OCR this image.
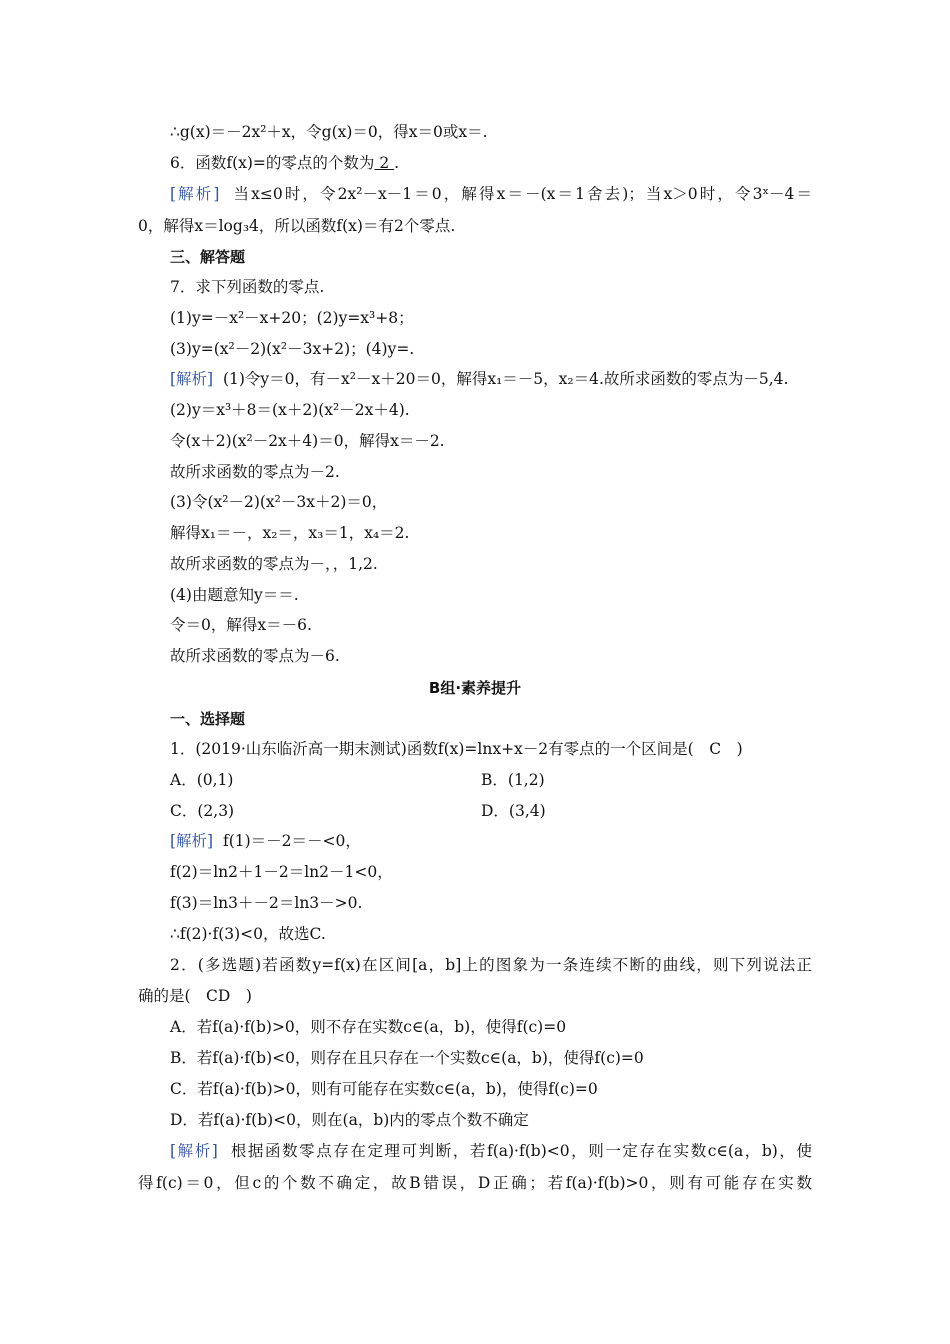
∴g(x)＝－2x²＋x，令g(x)＝0，得x＝0或x＝.
6．函数f(x)=的零点的个数为 2 .
[解析] 当x≤0时，令2x²－x－1＝0，解得x＝－(x＝1舍去)；当x＞0时，令3ˣ－4＝
0，解得x＝log₃4，所以函数f(x)＝有2个零点.
三、解答题
7．求下列函数的零点.
(1)y=－x²－x+20；(2)y=x³+8；
(3)y=(x²－2)(x²－3x+2)；(4)y=.
[解析] (1)令y＝0，有－x²－x＋20＝0，解得x₁＝－5，x₂＝4.故所求函数的零点为－5,4.
(2)y＝x³＋8＝(x＋2)(x²－2x＋4).
令(x＋2)(x²－2x＋4)＝0，解得x＝－2.
故所求函数的零点为－2.
(3)令(x²－2)(x²－3x＋2)＝0，
解得x₁＝－，x₂＝，x₃＝1，x₄＝2.
故所求函数的零点为－，，1,2.
(4)由题意知y＝＝.
令＝0，解得x＝－6.
故所求函数的零点为－6.
B组·素养提升
一、选择题
1．(2019·山东临沂高一期末测试)函数f(x)=lnx+x－2有零点的一个区间是(　C　)
A．(0,1)	B．(1,2)
C．(2,3)	D．(3,4)
[解析] f(1)＝－2＝－<0，
f(2)＝ln2＋1－2＝ln2－1<0，
f(3)＝ln3＋－2＝ln3－>0.
∴f(2)·f(3)<0，故选C.
2．(多选题)若函数y=f(x)在区间[a，b]上的图象为一条连续不断的曲线，则下列说法正
确的是(　CD　)
A．若f(a)·f(b)>0，则不存在实数c∈(a，b)，使得f(c)=0
B．若f(a)·f(b)<0，则存在且只存在一个实数c∈(a，b)，使得f(c)=0
C．若f(a)·f(b)>0，则有可能存在实数c∈(a，b)，使得f(c)=0
D．若f(a)·f(b)<0，则在(a，b)内的零点个数不确定
[解析] 根据函数零点存在定理可判断，若f(a)·f(b)<0，则一定存在实数c∈(a，b)，使
得f(c)＝0，但c的个数不确定，故B错误，D正确；若f(a)·f(b)>0，则有可能存在实数
